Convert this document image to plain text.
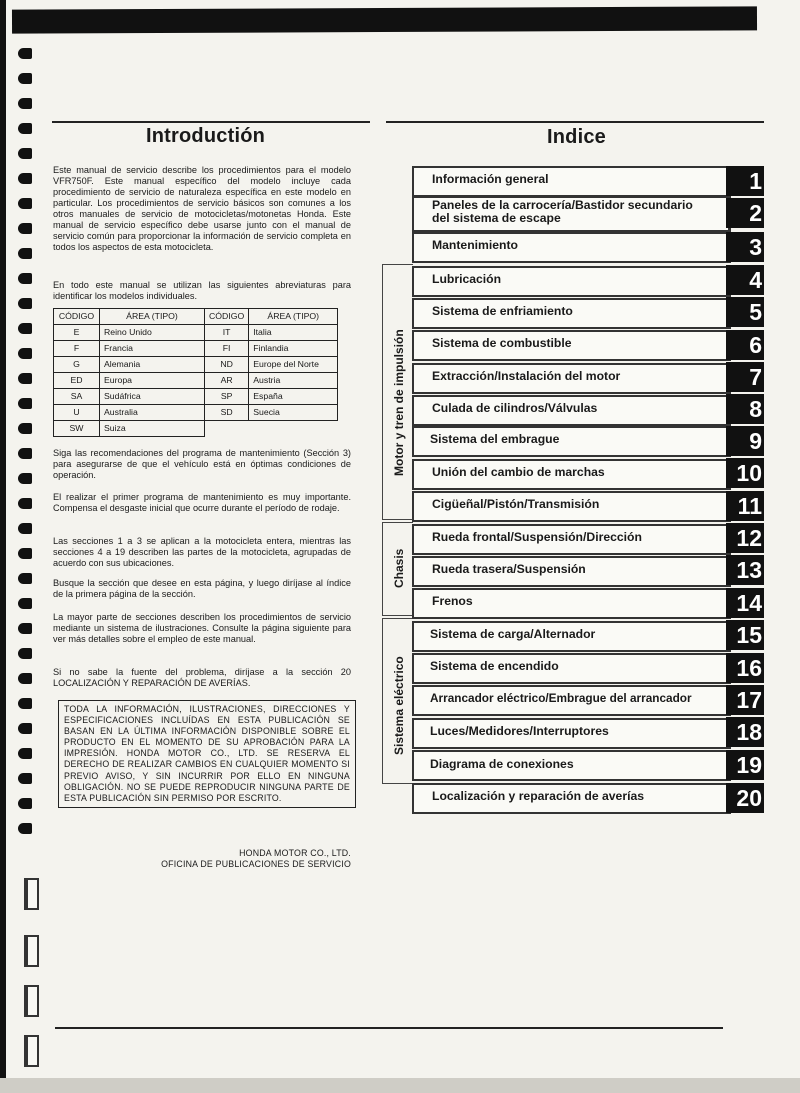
Introductión
Este manual de servicio describe los procedimientos para el modelo VFR750F. Este manual específico del modelo incluye cada procedimiento de servicio de naturaleza específica en este modelo en particular. Los procedimientos de servicio básicos son comunes a los otros manuales de servicio de motocicletas/motonetas Honda. Este manual de servicio específico debe usarse junto con el manual de servicio común para proporcionar la información de servicio completa en todos los aspectos de esta motocicleta.
En todo este manual se utilizan las siguientes abreviaturas para identificar los modelos individuales.
CÓDIGO	ÁREA (TIPO)	CÓDIGO	ÁREA (TIPO)
E	Reino Unido	IT	Italia
F	Francia	FI	Finlandia
G	Alemania	ND	Europe del Norte
ED	Europa	AR	Austria
SA	Sudáfrica	SP	España
U	Australia	SD	Suecia
SW	Suiza		
Siga las recomendaciones del programa de mantenimiento (Sección 3) para asegurarse de que el vehículo está en óptimas condiciones de operación.
El realizar el primer programa de mantenimiento es muy importante. Compensa el desgaste inicial que ocurre durante el período de rodaje.
Las secciones 1 a 3 se aplican a la motocicleta entera, mientras las secciones 4 a 19 describen las partes de la motocicleta, agrupadas de acuerdo con sus ubicaciones.
Busque la sección que desee en esta página, y luego diríjase al índice de la primera página de la sección.
La mayor parte de secciones describen los procedimientos de servicio mediante un sistema de ilustraciones. Consulte la página siguiente para ver más detalles sobre el empleo de este manual.
Si no sabe la fuente del problema, diríjase a la sección 20 LOCALIZACIÓN Y REPARACIÓN DE AVERÍAS.
TODA LA INFORMACIÓN, ILUSTRACIONES, DIRECCIONES Y ESPECIFICACIONES INCLUÍDAS EN ESTA PUBLICACIÓN SE BASAN EN LA ÚLTIMA INFORMACIÓN DISPONIBLE SOBRE EL PRODUCTO EN EL MOMENTO DE SU APROBACIÓN PARA LA IMPRESIÓN. HONDA MOTOR CO., LTD. SE RESERVA EL DERECHO DE REALIZAR CAMBIOS EN CUALQUIER MOMENTO SI PREVIO AVISO, Y SIN INCURRIR POR ELLO EN NINGUNA OBLIGACIÓN. NO SE PUEDE REPRODUCIR NINGUNA PARTE DE ESTA PUBLICACIÓN SIN PERMISO POR ESCRITO.
HONDA MOTOR CO., LTD.
OFICINA DE PUBLICACIONES DE SERVICIO
Indice
Motor y tren de impulsión
Chasis
Sistema eléctrico
Información general	1
Paneles de la carrocería/Bastidor secundario
del sistema de escape	2
Mantenimiento	3
Lubricación	4
Sistema de enfriamiento	5
Sistema de combustible	6
Extracción/Instalación del motor	7
Culada de cilindros/Válvulas	8
Sistema del embrague	9
Unión del cambio de marchas	10
Cigüeñal/Pistón/Transmisión	11
Rueda frontal/Suspensión/Dirección	12
Rueda trasera/Suspensión	13
Frenos	14
Sistema de carga/Alternador	15
Sistema de encendido	16
Arrancador eléctrico/Embrague del arrancador	17
Luces/Medidores/Interruptores	18
Diagrama de conexiones	19
Localización y reparación de averías	20
